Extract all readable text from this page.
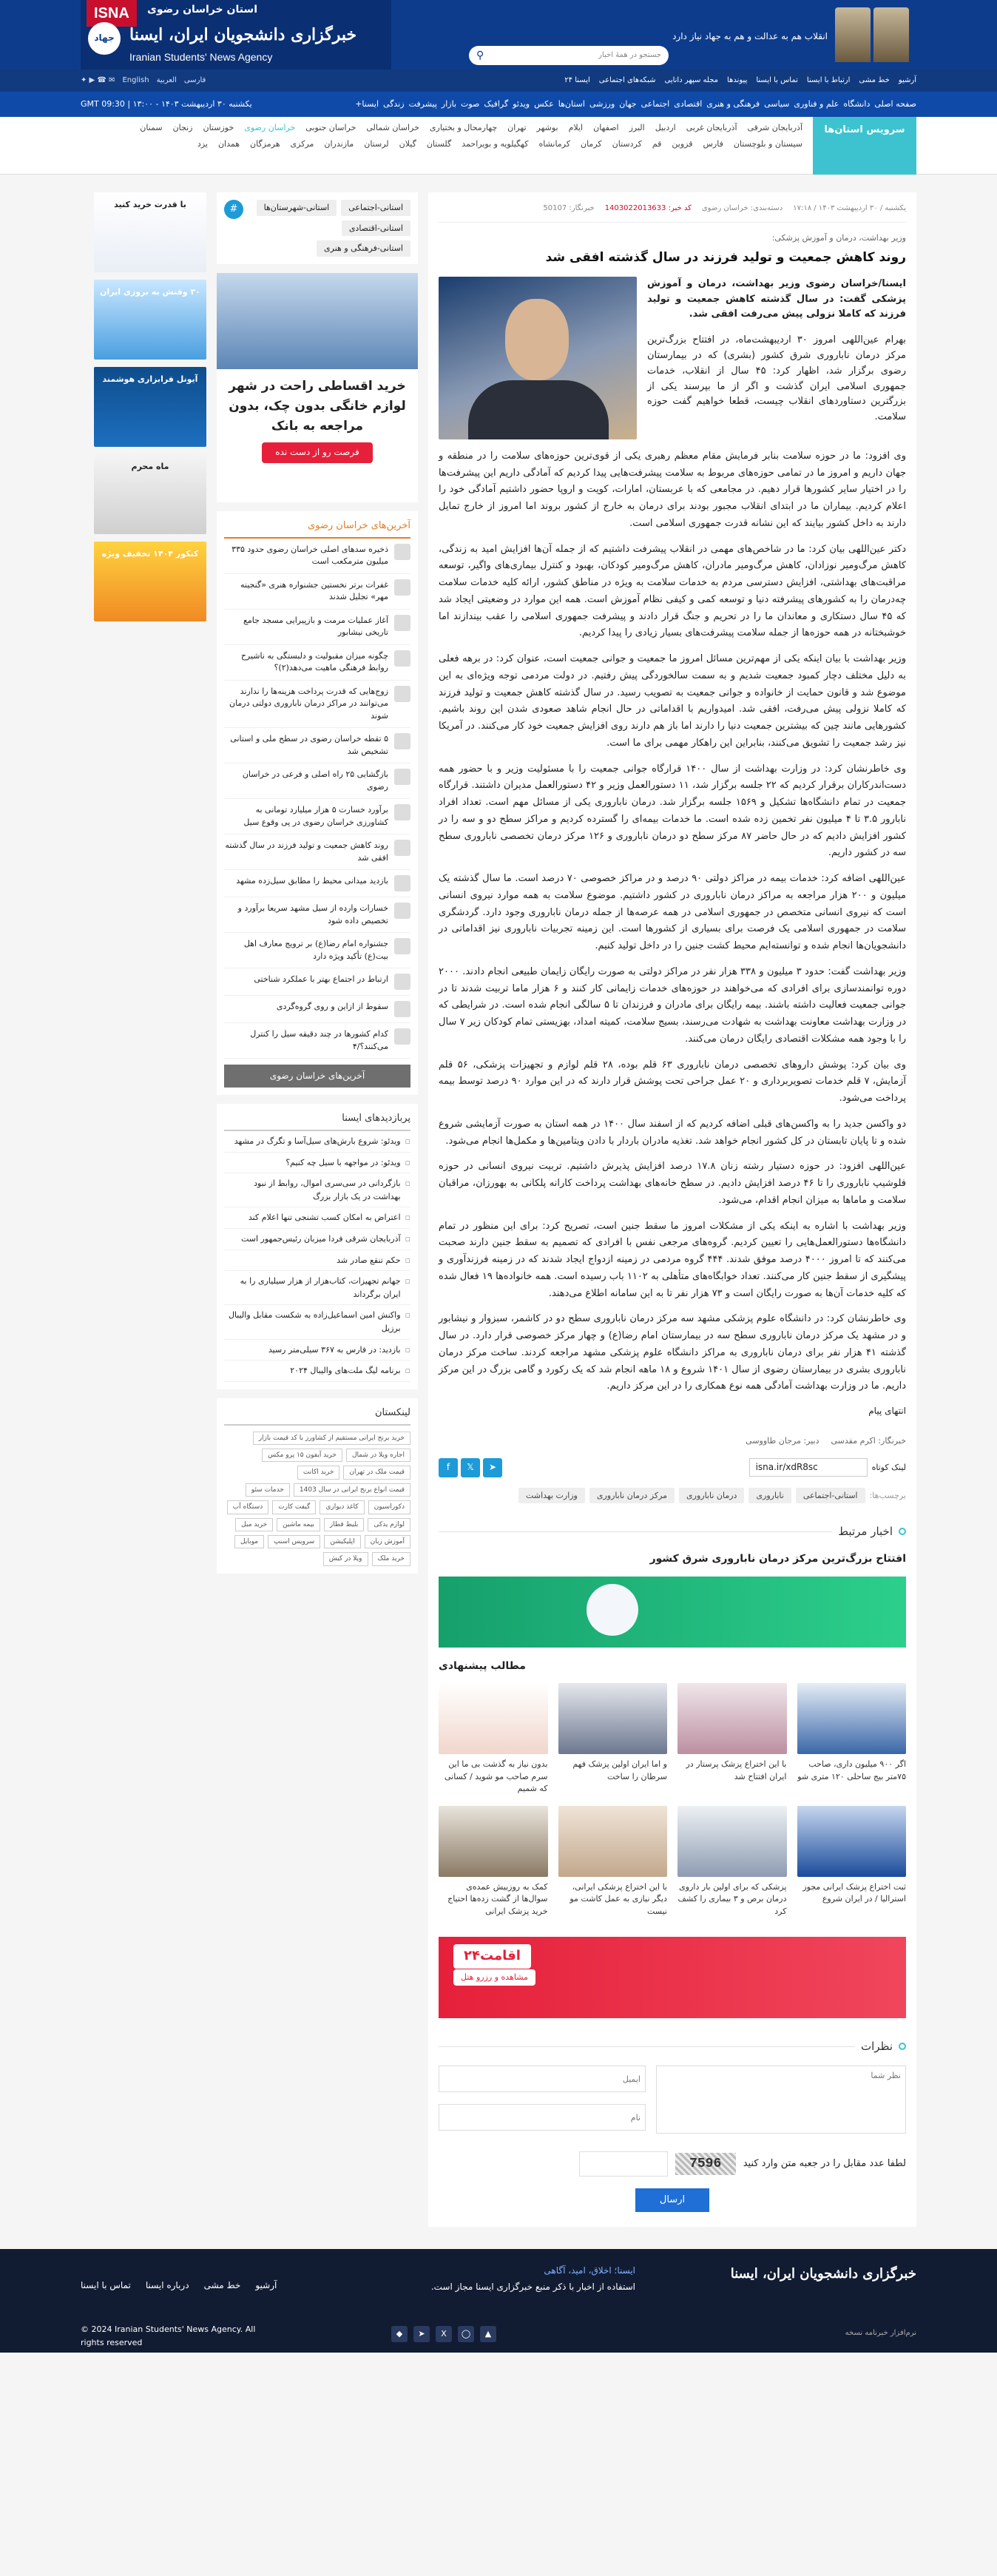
انقلاب هم به عدالت و هم به جهاد نیاز دارد
جستجو در همهٔ اخبار
⚲
ISNA	استان خراسان رضوی
جهاد خبرگزاری دانشجویان ایران، ایسنا
Iranian Students' News Agency
آرشیو
خط مشی
ارتباط با ایسنا
تماس با ایسنا
پیوندها
مجله سپهر دانایی
شبکه‌های اجتماعی
ایسنا ۲۴
فارسی
العربية
English
✉ ☎ ▶ ✦
صفحه اصلی
دانشگاه
علم و فناوری
سیاسی
فرهنگی و هنری
اقتصادی
اجتماعی
جهان
ورزشی
استان‌ها
عکس
ویدئو
گرافیک
صوت
بازار
پیشرفت
زندگی
ایسنا+
یکشنبه ۳۰ اردیبهشت ۱۴۰۳ - ۱۳:۰۰ | GMT 09:30
سرویس استان‌ها
آذربایجان شرقی
آذربایجان غربی
اردبیل
البرز
اصفهان
ایلام
بوشهر
تهران
چهارمحال و بختیاری
خراسان شمالی
خراسان جنوبی
خراسان رضوی
خوزستان
زنجان
سمنان
سیستان و بلوچستان
فارس
قزوین
قم
کردستان
کرمان
کرمانشاه
کهگیلویه و بویراحمد
گلستان
گیلان
لرستان
مازندران
مرکزی
هرمزگان
همدان
یزد
یکشنبه / ۳۰ اردیبهشت ۱۴۰۳ / ۱۷:۱۸
دسته‌بندی: خراسان رضوی
کد خبر: 1403022013633
خبرنگار: 50107
وزیر بهداشت، درمان و آموزش پزشکی:
روند کاهش جمعیت و تولید فرزند در سال گذشته افقی شد

ایسنا/خراسان رضوی وزیر بهداشت، درمان و آموزش پزشکی گفت: در سال گذشته کاهش جمعیت و تولید فرزند که کاملا نزولی پیش می‌رفت افقی شد.

بهرام عین‌اللهی امروز ۳۰ اردیبهشت‌ماه، در افتتاح بزرگ‌ترین مرکز درمان ناباروری شرق کشور (بشری) که در بیمارستان رضوی برگزار شد، اظهار کرد: ۴۵ سال از انقلاب، خدمات جمهوری اسلامی ایران گذشت و اگر از ما بپرسند یکی از بزرگترین دستاوردهای انقلاب چیست، قطعا خواهیم گفت حوزه سلامت.

وی افزود: ما در حوزه سلامت بنابر فرمایش مقام معظم رهبری یکی از قوی‌ترین حوزه‌های سلامت را در منطقه و جهان داریم و امروز ما در تمامی حوزه‌های مربوط به سلامت پیشرفت‌هایی پیدا کردیم که آمادگی داریم این پیشرفت‌ها را در اختیار سایر کشورها قرار دهیم. در مجامعی که با عربستان، امارات، کویت و اروپا حضور داشتیم آمادگی خود را اعلام کردیم. بیماران ما در ابتدای انقلاب مجبور بودند برای درمان به خارج از کشور بروند اما امروز از خارج تمایل دارند به داخل کشور بیایند که این نشانه قدرت جمهوری اسلامی است.

دکتر عین‌اللهی بیان کرد: ما در شاخص‌های مهمی در انقلاب پیشرفت داشتیم که از جمله آن‌ها افزایش امید به زندگی، کاهش مرگ‌ومیر نوزادان، کاهش مرگ‌ومیر مادران، کاهش مرگ‌ومیر کودکان، بهبود و کنترل بیماری‌های واگیر، توسعه مراقبت‌های بهداشتی، افزایش دسترسی مردم به خدمات سلامت به ویژه در مناطق کشور، ارائه کلیه خدمات سلامت چه‌درمان را به کشورهای پیشرفته دنیا و توسعه کمی و کیفی نظام آموزش است. همه این موارد در وضعیتی ایجاد شد که ۴۵ سال دستکاری و معاندان ما را در تحریم و جنگ قرار دادند و پیشرفت جمهوری اسلامی را عقب بیندازند اما خوشبختانه در همه حوزه‌ها از جمله سلامت پیشرفت‌های بسیار زیادی را پیدا کردیم.

وزیر بهداشت با بیان اینکه یکی از مهم‌ترین مسائل امروز ما جمعیت و جوانی جمعیت است، عنوان کرد: در برهه فعلی به دلیل مختلف دچار کمبود جمعیت شدیم و به سمت سالخوردگی پیش رفتیم. در دولت مردمی توجه ویژه‌ای به این موضوع شد و قانون حمایت از خانواده و جوانی جمعیت به تصویب رسید. در سال گذشته کاهش جمعیت و تولید فرزند که کاملا نزولی پیش می‌رفت، افقی شد. امیدواریم با اقداماتی در حال انجام شاهد صعودی شدن این روند باشیم. کشورهایی مانند چین که بیشترین جمعیت دنیا را دارند اما باز هم دارند روی افزایش جمعیت خود کار می‌کنند. در آمریکا نیز رشد جمعیت را تشویق می‌کنند، بنابراین این راهکار مهمی برای ما است.

وی خاطرنشان کرد: در وزارت بهداشت از سال ۱۴۰۰ قرارگاه جوانی جمعیت را با مسئولیت وزیر و با حضور همه دست‌اندرکاران برقرار کردیم که ۲۲ جلسه برگزار شد، ۱۱ دستورالعمل وزیر و ۴۲ دستورالعمل مدیران داشتند. قرارگاه جمعیت در تمام دانشگاه‌ها تشکیل و ۱۵۶۹ جلسه برگزار شد. درمان ناباروری یکی از مسائل مهم است. تعداد افراد نابارور ۳.۵ تا ۴ میلیون نفر تخمین زده شده است. ما خدمات بیمه‌ای را گسترده کردیم و مراکز سطح دو و سه را در کشور افزایش دادیم که در حال حاضر ۸۷ مرکز سطح دو درمان ناباروری و ۱۲۶ مرکز درمان تخصصی ناباروری سطح سه در کشور داریم.

عین‌اللهی اضافه کرد: خدمات بیمه در مراکز دولتی ۹۰ درصد و در مراکز خصوصی ۷۰ درصد است. ما سال گذشته یک میلیون و ۲۰۰ هزار مراجعه به مراکز درمان ناباروری در کشور داشتیم. موضوع سلامت به همه موارد نیروی انسانی است که نیروی انسانی متخصص در جمهوری اسلامی در همه عرصه‌ها از جمله درمان ناباروری وجود دارد. گردشگری سلامت در جمهوری اسلامی یک فرصت برای بسیاری از کشورها است. این زمینه تجربیات ناباروری نیز اقداماتی در دانشجویان‌ها انجام شده و توانسته‌ایم محیط کشت جنین را در داخل تولید کنیم.

وزیر بهداشت گفت: حدود ۳ میلیون و ۳۳۸ هزار نفر در مراکز دولتی به صورت رایگان زایمان طبیعی انجام دادند. ۲۰۰۰ دوره توانمندسازی برای افرادی که می‌خواهند در حوزه‌های خدمات زایمانی کار کنند و ۶ هزار ماما تربیت شدند تا در جوانی جمعیت فعالیت داشته باشند. بیمه رایگان برای مادران و فرزندان تا ۵ سالگی انجام شده است. در شرایطی که در وزارت بهداشت معاونت بهداشت به شهادت می‌رسند، بسیج سلامت، کمیته امداد، بهزیستی تمام کودکان زیر ۷ سال را با وجود همه مشکلات اقتصادی رایگان درمان می‌کنند.

وی بیان کرد: پوشش داروهای تخصصی درمان ناباروری ۶۳ قلم بوده، ۲۸ قلم لوازم و تجهیزات پزشکی، ۵۶ قلم آزمایش، ۷ قلم خدمات تصویربرداری و ۲۰ عمل جراحی تحت پوشش قرار دارند که در این موارد ۹۰ درصد توسط بیمه پرداخت می‌شود.

دو واکسن جدید را به واکسن‌های قبلی اضافه کردیم که از اسفند سال ۱۴۰۰ در همه استان به صورت آزمایشی شروع شده و تا پایان تابستان در کل کشور انجام خواهد شد. تغذیه مادران باردار با دادن ویتامین‌ها و مکمل‌ها انجام می‌شود.

عین‌اللهی افزود: در حوزه دستیار رشته زنان ۱۷.۸ درصد افزایش پذیرش داشتیم. تربیت نیروی انسانی در حوزه فلوشیپ ناباروری را تا ۴۶ درصد افزایش دادیم. در سطح خانه‌های بهداشت پرداخت کارانه پلکانی به بهورزان، مراقبان سلامت و ماماها به میزان انجام اقدام، می‌شود.

وزیر بهداشت با اشاره به اینکه یکی از مشکلات امروز ما سقط جنین است، تصریح کرد: برای این منظور در تمام دانشگاه‌ها دستورالعمل‌هایی را تعیین کردیم. گروه‌های مرجعی نفس با افرادی که تصمیم به سقط جنین دارند صحبت می‌کنند که تا امروز ۴۰۰۰ درصد موفق شدند. ۴۴۴ گروه مردمی در زمینه ازدواج ایجاد شدند که در زمینه فرزندآوری و پیشگیری از سقط جنین کار می‌کنند. تعداد خوابگاه‌های متأهلی به ۱۱۰۲ باب رسیده است. همه خانواده‌ها ۱۹ فعال شده که کلیه خدمات آن‌ها به صورت رایگان است و ۷۳ هزار نفر تا به این سامانه اطلاع می‌دهند.

وی خاطرنشان کرد: در دانشگاه علوم پزشکی مشهد سه مرکز درمان ناباروری سطح دو در کاشمر، سبزوار و نیشابور و در مشهد یک مرکز درمان ناباروری سطح سه در بیمارستان امام رضا(ع) و چهار مرکز خصوصی قرار دارد. در سال گذشته ۴۱ هزار نفر برای درمان ناباروری به مراکز دانشگاه علوم پزشکی مشهد مراجعه کردند. ساخت مرکز درمان ناباروری بشری در بیمارستان رضوی از سال ۱۴۰۱ شروع و ۱۸ ماهه انجام شد که یک رکورد و گامی بزرگ در این مرکز داریم. ما در وزارت بهداشت آمادگی همه نوع همکاری را در این مرکز داریم.

انتهای پیام
خبرنگار: اکرم مقدسی
دبیر: مرجان طاووسی
لینک کوتاه
isna.ir/xdR8sc
➤
𝕏
f
برچسب‌ها:
استانی-اجتماعی
ناباروری
درمان ناباروری
مرکز درمان ناباروری
وزارت بهداشت
اخبار مرتبط
افتتاح بزرگ‌ترین مرکز درمان ناباروری شرق کشور
مطالب پیشنهادی
اگر ۹۰۰ میلیون داری، صاحب ۷۵متر بیج ساحلی ۱۲۰ متری شو
با این اختراع پزشک پرستار در ایران افتتاح شد
و اما ایران اولین پزشک فهم سرطان را ساخت
بدون نیاز به گذشت بی ما این سرم صاحب مو شوید / کسانی که شمیم
ثبت اختراع پزشک ایرانی مجوز استرالیا / در ایران شروع
پزشکی که برای اولین بار داروی درمان برص و ۳ بیماری را کشف کرد
با این اختراع پزشکی ایرانی، دیگر نیازی به عمل کاشت مو نیست
کمک به روزبیش عمده‌ی سوال‌ها از گشت زده‌ها احتیاج خرید پزشک ایرانی
اقامت۲۴
مشاهده و رزرو هتل
نظرات
نظر شما
ایمیل
نام
لطفا عدد مقابل را در جعبه متن وارد کنید
7596
ارسال
استانی-اجتماعی
استانی-شهرستان‌ها
استانی-اقتصادی
استانی-فرهنگی و هنری
#
خرید اقساطی راحت در شهر لوازم خانگی بدون چک، بدون مراجعه به بانک
فرصت رو از دست نده
آخرین‌های خراسان رضوی
ذخیره سدهای اصلی خراسان رضوی حدود ۳۳۵ میلیون مترمکعب است
غفرات برتر نخستین جشنواره هنری «گنجینه مهر» تجلیل شدند
آغاز عملیات مرمت و بازپیرایی مسجد جامع تاریخی نیشابور
چگونه میزان مقبولیت و دلبستگی به ناشیرح روابط فرهنگی ماهیت می‌دهد(۲)؟
زوج‌هایی که قدرت پرداخت هزینه‌ها را ندارند می‌توانند در مراکز درمان ناباروری دولتی درمان شوند
۵ تقطه خراسان رضوی در سطح ملی و استانی تشخیص شد
بازگشایی ۲۵ راه اصلی و فرعی در خراسان رضوی
برآورد خسارت ۵ هزار میلیارد تومانی به کشاورزی خراسان رضوی در پی وقوع سیل
روند کاهش جمعیت و تولید فرزند در سال گذشته افقی شد
بازدید میدانی محیط را مطابق سیل‌زده مشهد
خسارات وارده از سیل مشهد سریعا برآورد و تخصیص داده شود
جشنواره امام رضا(ع) بر ترویج معارف اهل بیت(ع) تأکید ویژه دارد
ارتباط در اجتماع بهتر با عملکرد شناختی
سقوط از ازاین و روی گروه‌گردی
کدام کشورها در چند دقیقه سیل را کنترل می‌کنند؟/۴
آخرین‌های خراسان رضوی
پربازدیدهای ایسنا
▫ ویدئو: شروع بارش‌های سیل‌آسا و تگرگ در مشهد
▫ ویدئو: در مواجهه با سیل چه کنیم؟
▫ بازگردانی در سی‌سری اموال، روابط از نبود بهداشت در یک بازار بزرگ
▫ اعتراض به امکان کسب تشنجی تنها اعلام کند
▫ آذربایجان شرقی فردا میزبان رئیس‌جمهور است
▫ حکم تنقع صادر شد
▫ جهانم تجهیزات، کتاب‌هزار از هزار سیلیاری را به ایران برگرداند
▫ واکنش امین اسماعیل‌زاده به شکست مقابل والیبال برزیل
▫ بازدید: در فارس به ۳۶۷ سیلی‌متر رسید
▫ برنامه لیگ ملت‌های والیبال ۲۰۲۴
لینکستان
خرید برنج ایرانی مستقیم از کشاورز با کد قیمت بازار
اجاره ویلا در شمال
خرید آیفون ۱۵ پرو مکس
قیمت ملک در تهران
خرید اکانت
قیمت انواع برنج ایرانی در سال 1403
خدمات سئو
دکوراسیون
کاغذ دیواری
گیفت کارت
دستگاه آب
لوازم یدکی
بلیط قطار
بیمه ماشین
خرید مبل
آموزش زبان
اپلیکیشن
سرویس اسنپ
موبایل
خرید ملک
ویلا در کیش
با قدرت خرید کنید
۳۰ وقتش به بروزی ایران
آیونل فرابزاری هوشمند
ماه محرم
کنکور ۱۴۰۴ تخفیف ویژه
خبرگزاری دانشجویان ایران، ایسنا
ایسنا؛ اخلاق، امید، آگاهی
استفاده از اخبار با ذکر منبع خبرگزاری ایسنا مجاز است.
آرشیو
خط مشی
درباره ایسنا
تماس با ایسنا
© 2024 Iranian Students' News Agency. All rights reserved
▲
◯
X
➤
◆	نرم‌افزار خبرنامه نسخه
